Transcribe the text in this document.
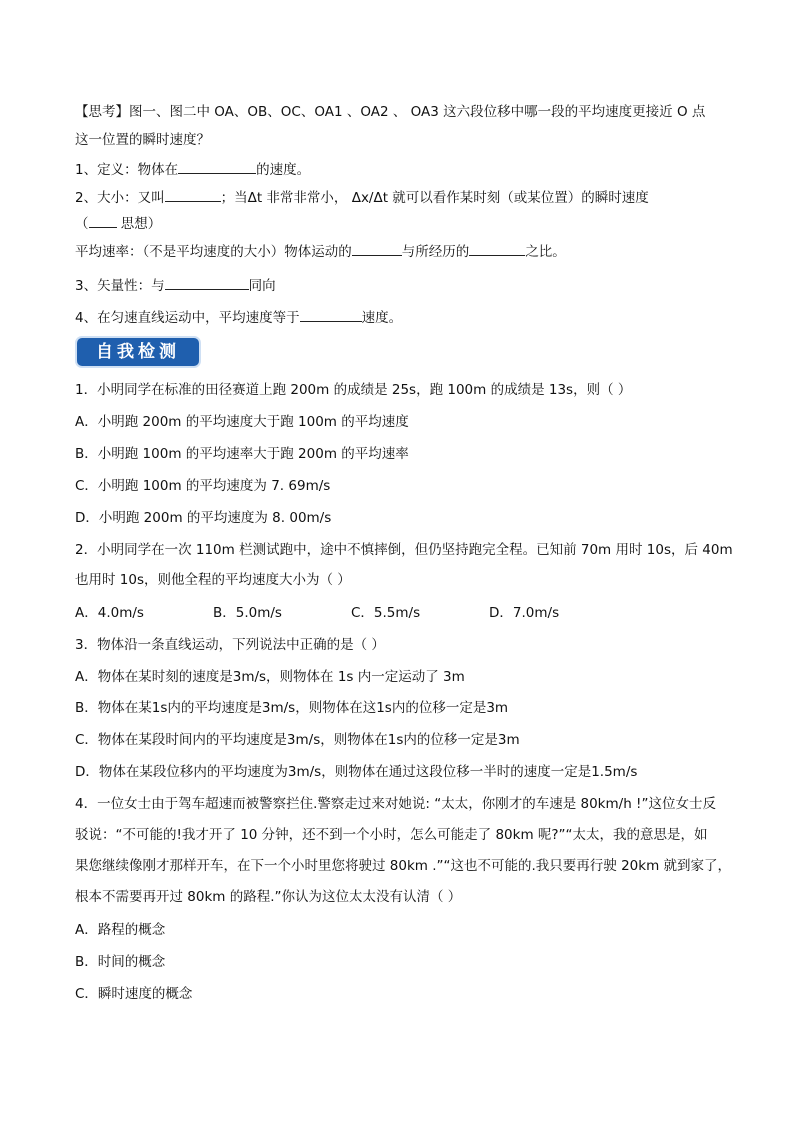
【思考】图一、图二中 OA、OB、OC、OA1 、OA2 、 OA3 这六段位移中哪一段的平均速度更接近 O 点
这一位置的瞬时速度？
1、定义：物体在	的速度。
2、大小：又叫	；当Δt 非常非常小， Δx/Δt 就可以看作某时刻（或某位置）的瞬时速度
（ 思想）
平均速率：（不是平均速度的大小）物体运动的	与所经历的	之比。
3、矢量性：与	同向
4、在匀速直线运动中，平均速度等于	速度。
自我检测
1．小明同学在标准的田径赛道上跑 200m 的成绩是 25s，跑 100m 的成绩是 13s，则（ ）
A．小明跑 200m 的平均速度大于跑 100m 的平均速度
B．小明跑 100m 的平均速率大于跑 200m 的平均速率
C．小明跑 100m 的平均速度为 7. 69m/s
D．小明跑 200m 的平均速度为 8. 00m/s
2．小明同学在一次 110m 栏测试跑中，途中不慎摔倒，但仍坚持跑完全程。已知前 70m 用时 10s，后 40m
也用时 10s，则他全程的平均速度大小为（ ）
A．4.0m/s	B．5.0m/s	C．5.5m/s	D．7.0m/s
3．物体沿一条直线运动，下列说法中正确的是（ ）
A．物体在某时刻的速度是3m/s，则物体在 1s 内一定运动了 3m
B．物体在某1s内的平均速度是3m/s，则物体在这1s内的位移一定是3m
C．物体在某段时间内的平均速度是3m/s，则物体在1s内的位移一定是3m
D．物体在某段位移内的平均速度为3m/s，则物体在通过这段位移一半时的速度一定是1.5m/s
4．一位女士由于驾车超速而被警察拦住.警察走过来对她说: “太太，你刚才的车速是 80km/h !”这位女士反
驳说：“不可能的!我才开了 10 分钟，还不到一个小时，怎么可能走了 80km 呢?”“太太，我的意思是，如
果您继续像刚才那样开车，在下一个小时里您将驶过 80km .”“这也不可能的.我只要再行驶 20km 就到家了，
根本不需要再开过 80km 的路程.”你认为这位太太没有认清（ ）
A．路程的概念
B．时间的概念
C．瞬时速度的概念
